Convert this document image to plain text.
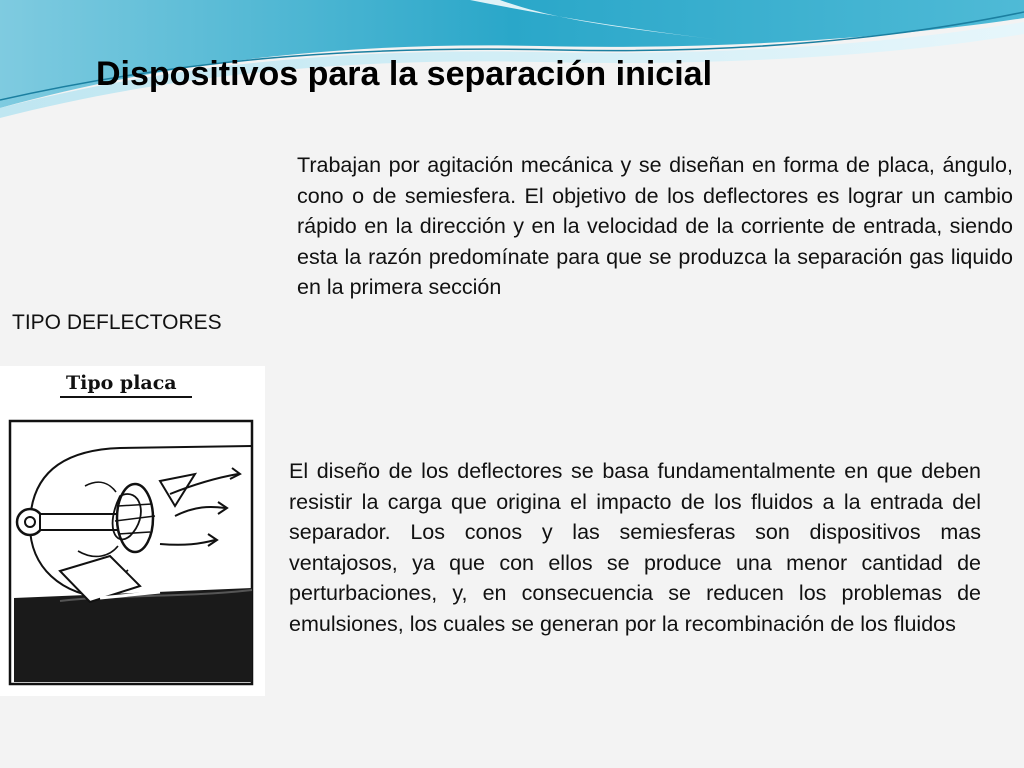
Dispositivos para la separación inicial

Trabajan por agitación mecánica y se diseñan en forma de placa, ángulo, cono o de semiesfera. El objetivo de los deflectores es lograr un cambio rápido en la dirección y en la velocidad de la corriente de entrada, siendo esta la razón predomínate para que se produzca la separación gas liquido en la primera sección

TIPO DEFLECTORES

Tipo placa

El diseño de los deflectores se basa fundamentalmente en que deben resistir la carga que origina el impacto de los fluidos a la entrada del separador. Los conos y las semiesferas son dispositivos mas ventajosos, ya que con ellos se produce una menor cantidad de perturbaciones, y, en consecuencia se reducen los problemas de emulsiones, los cuales se generan por la recombinación de los fluidos
